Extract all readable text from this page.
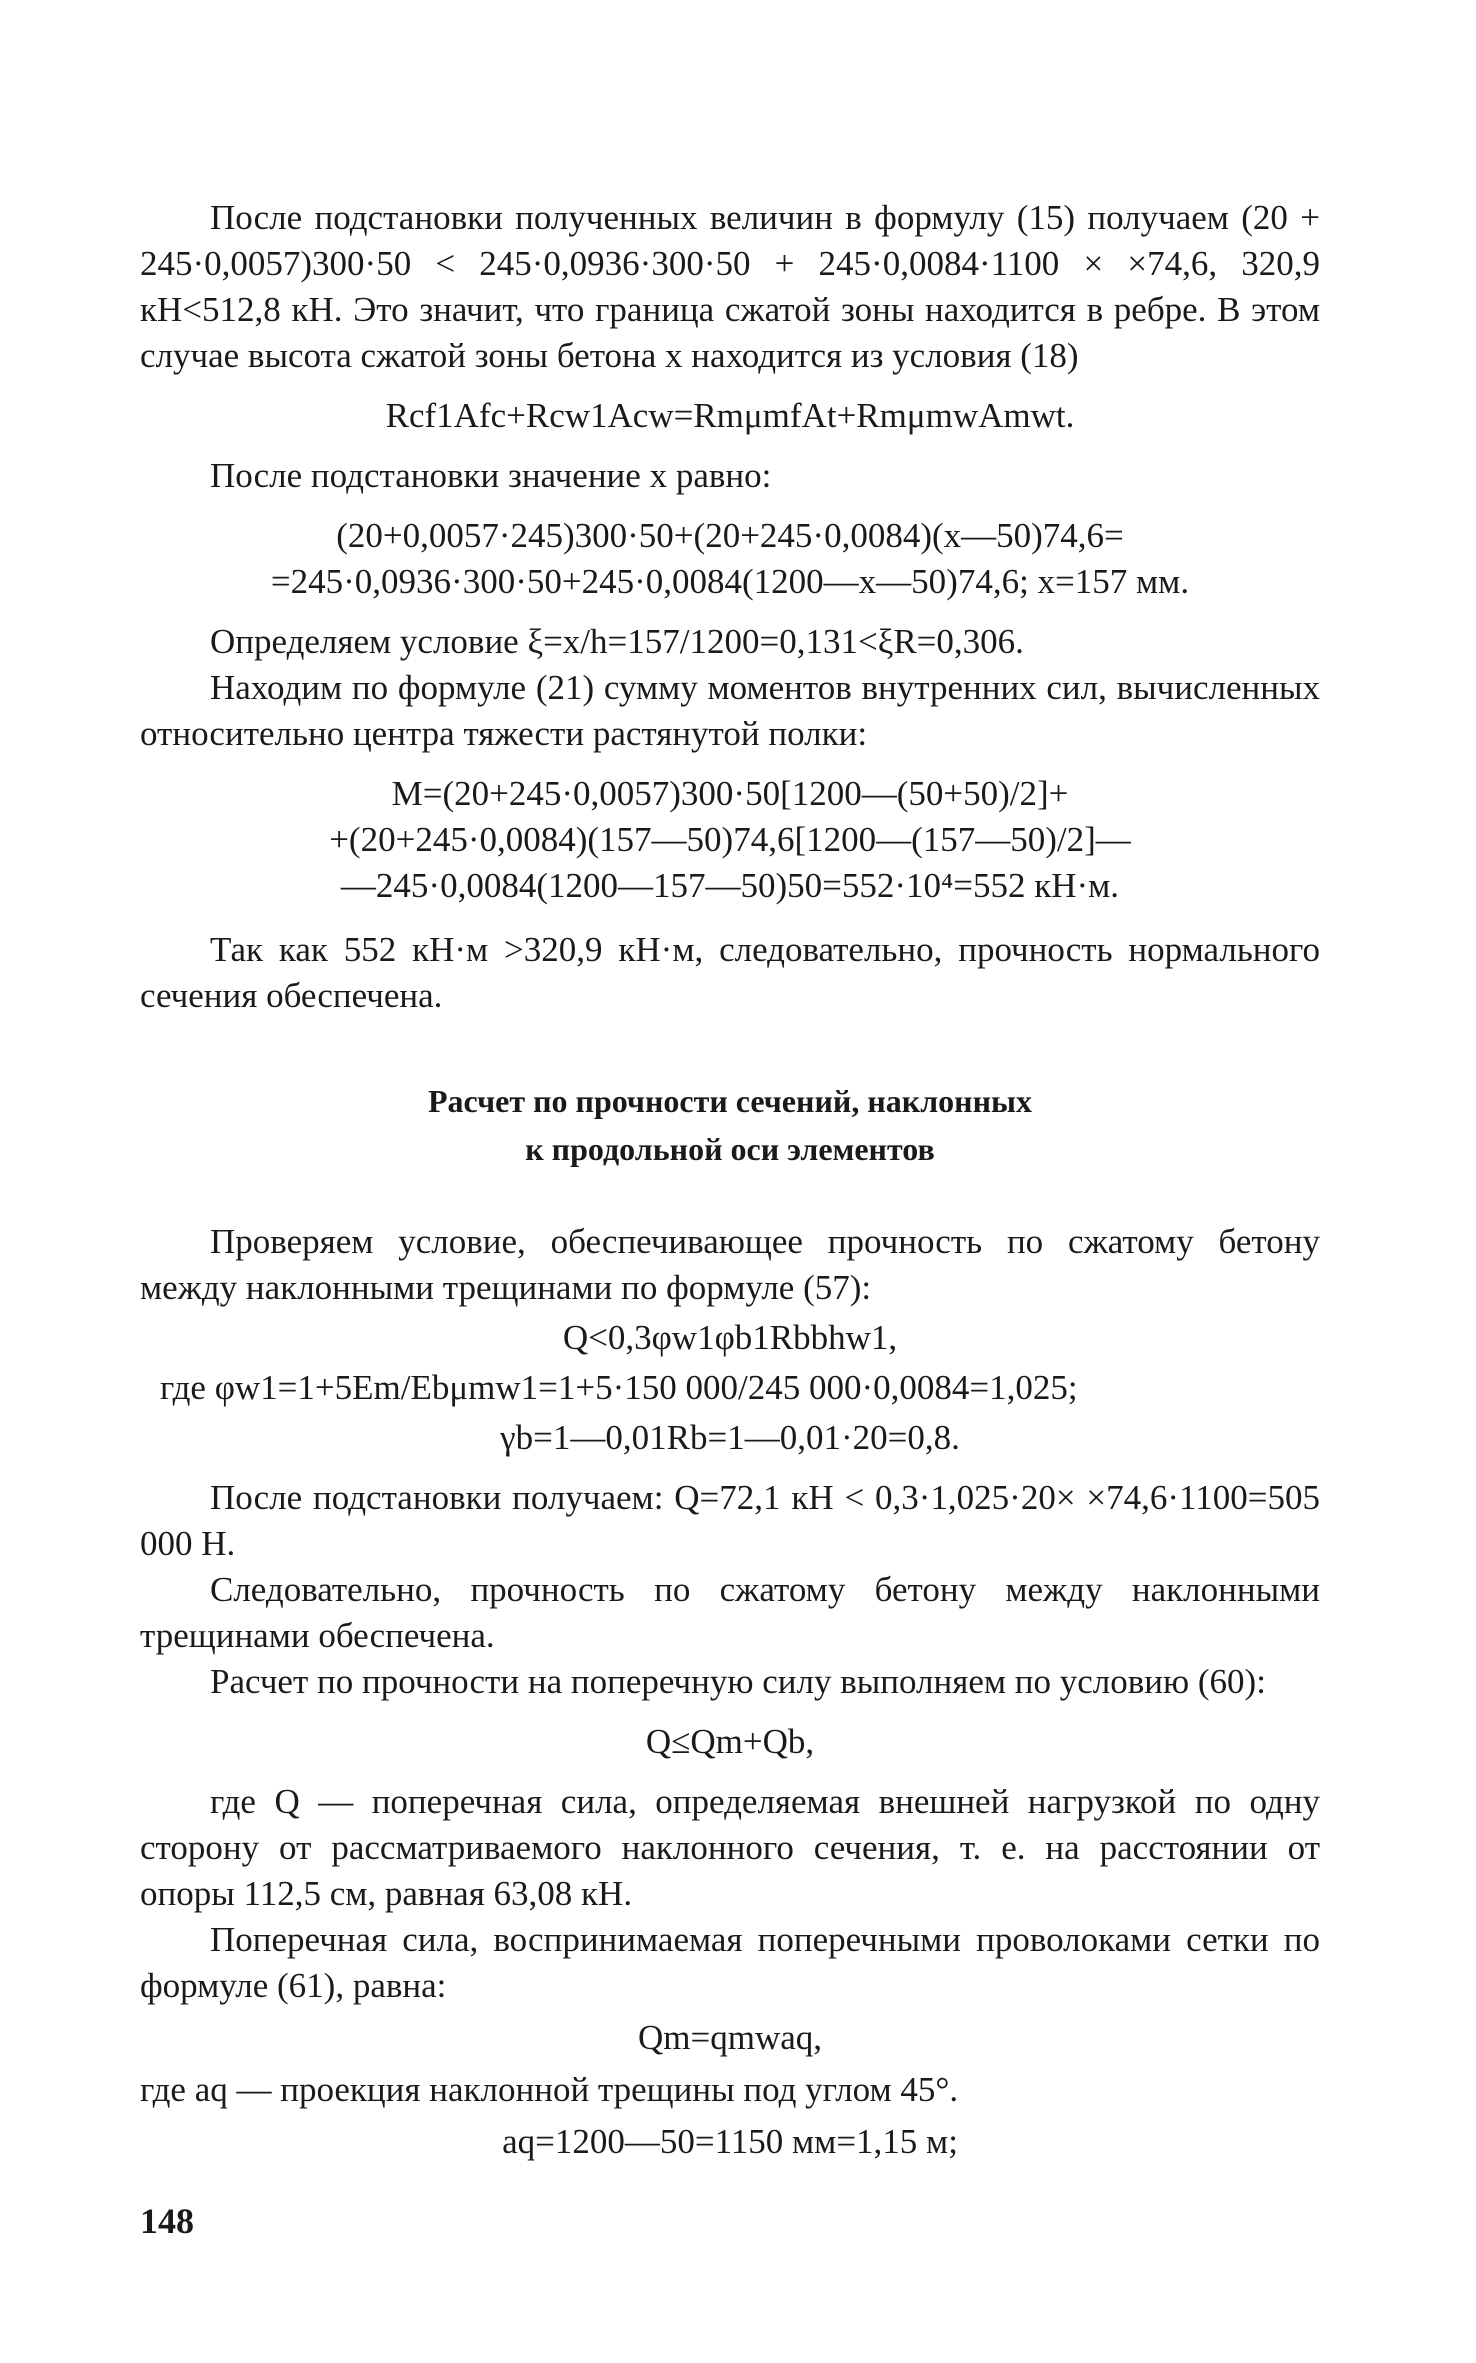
После подстановки полученных величин в формулу (15) получаем (20 + 245·0,0057)300·50 < 245·0,0936·300·50 + 245·0,0084·1100 × ×74,6, 320,9 кН<512,8 кН. Это значит, что граница сжатой зоны находится в ребре. В этом случае высота сжатой зоны бетона x находится из условия (18)

Rcf1Afc+Rcw1Acw=RmμmfAt+RmμmwAmwt.

После подстановки значение x равно:

(20+0,0057·245)300·50+(20+245·0,0084)(x—50)74,6=

=245·0,0936·300·50+245·0,0084(1200—x—50)74,6; x=157 мм.

Определяем условие ξ=x/h=157/1200=0,131<ξR=0,306.

Находим по формуле (21) сумму моментов внутренних сил, вычисленных относительно центра тяжести растянутой полки:

M=(20+245·0,0057)300·50[1200—(50+50)/2]+

+(20+245·0,0084)(157—50)74,6[1200—(157—50)/2]—

—245·0,0084(1200—157—50)50=552·10⁴=552 кН·м.

Так как 552 кН·м >320,9 кН·м, следовательно, прочность нормального сечения обеспечена.

Расчет по прочности сечений, наклонных
к продольной оси элементов

Проверяем условие, обеспечивающее прочность по сжатому бетону между наклонными трещинами по формуле (57):

Q<0,3φw1φb1Rbbhw1,

где φw1=1+5Em/Ebμmw1=1+5·150 000/245 000·0,0084=1,025;

γb=1—0,01Rb=1—0,01·20=0,8.

После подстановки получаем: Q=72,1 кН < 0,3·1,025·20× ×74,6·1100=505 000 Н.

Следовательно, прочность по сжатому бетону между наклонными трещинами обеспечена.

Расчет по прочности на поперечную силу выполняем по условию (60):

Q≤Qm+Qb,

где Q — поперечная сила, определяемая внешней нагрузкой по одну сторону от рассматриваемого наклонного сечения, т. е. на расстоянии от опоры 112,5 см, равная 63,08 кН.

Поперечная сила, воспринимаемая поперечными проволоками сетки по формуле (61), равна:

Qm=qmwaq,

где aq — проекция наклонной трещины под углом 45°.

aq=1200—50=1150 мм=1,15 м;

148
